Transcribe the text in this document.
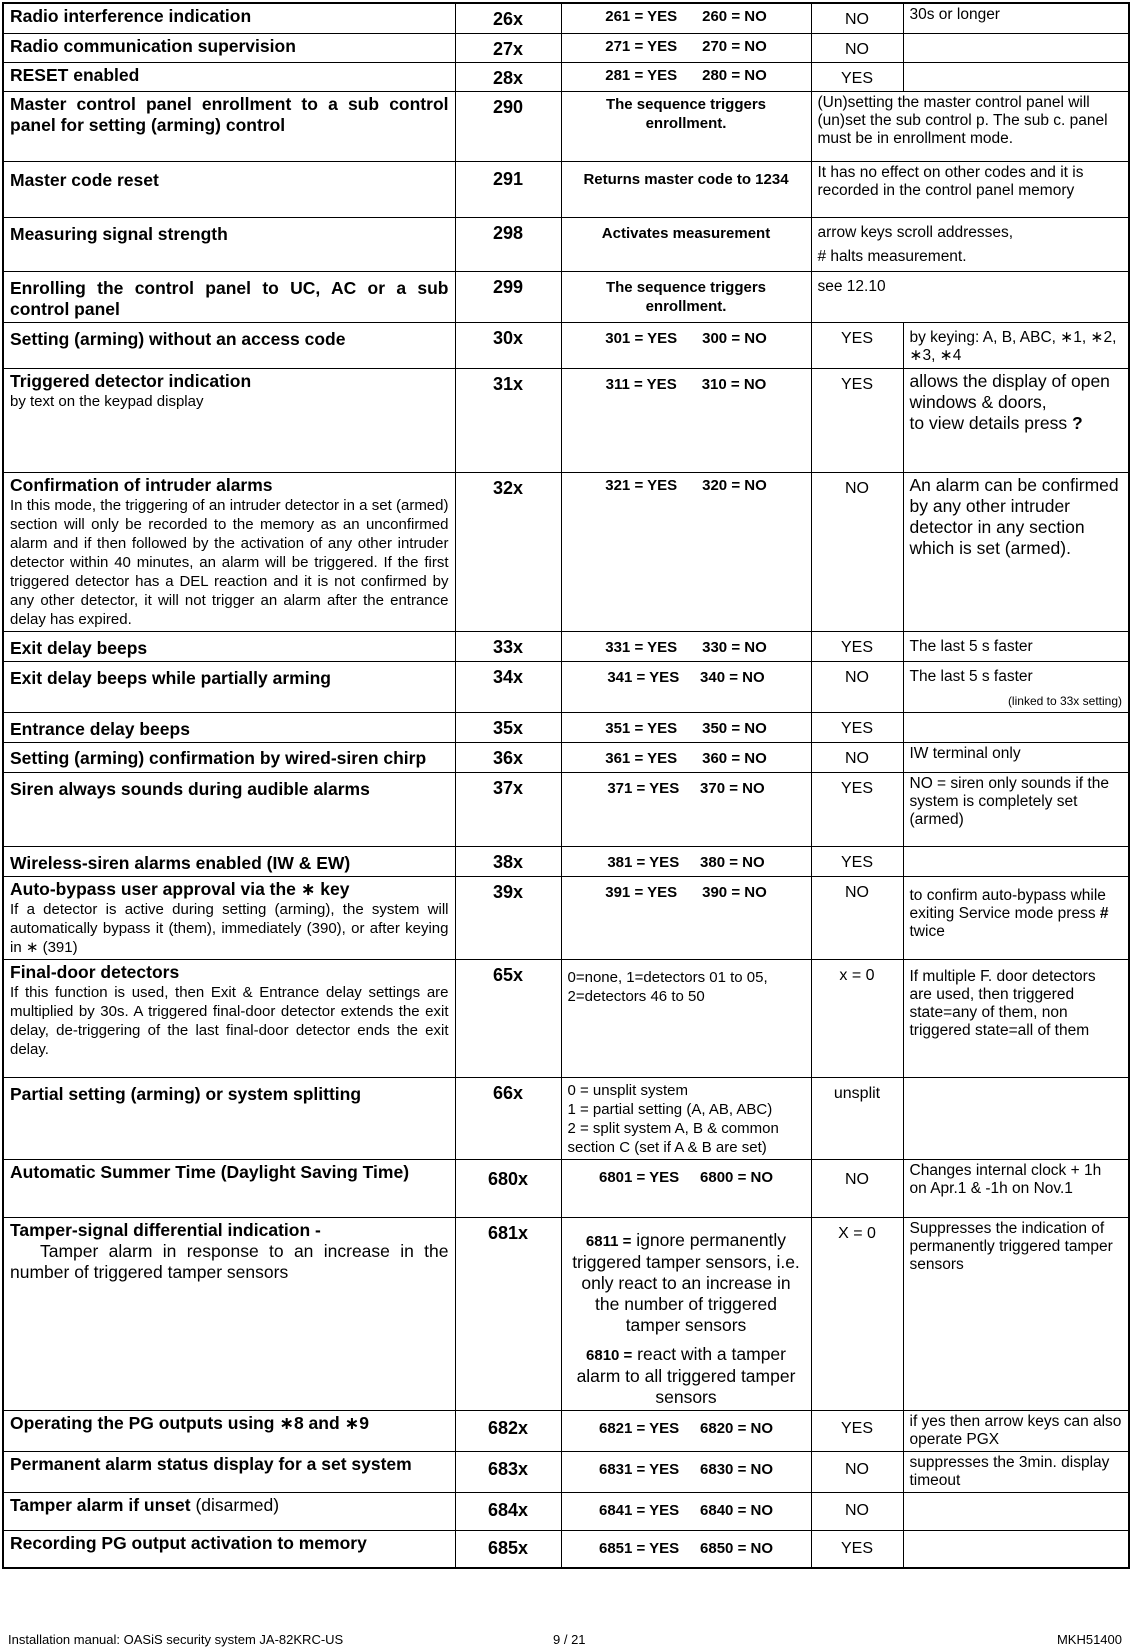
Radio interference indication	26x	261 = YES      260 = NO	NO	30s or longer
Radio communication supervision	27x	271 = YES      270 = NO	NO	
RESET enabled	28x	281 = YES      280 = NO	YES	

Master control panel enrollment to a sub control panel for setting (arming) control	290	The sequence triggers enrollment.	(Un)setting the master control panel will (un)set the sub control p. The sub c. panel must be in enrollment mode.	
Master code reset	291	Returns master code to 1234	It has no effect on other codes and it is recorded in the control panel memory	
Measuring signal strength	298	Activates measurement	arrow keys scroll addresses,
# halts measurement.	

Enrolling the control panel to UC, AC or a sub control panel	299	The sequence triggers enrollment.	see 12.10	
Setting (arming) without an access code	30x	301 = YES      300 = NO	YES	by keying: A, B, ABC, ∗1, ∗2, ∗3, ∗4
Triggered detector indication
by text on the keypad display	31x	311 = YES      310 = NO	YES	allows the display of open windows & doors,
to view details press ?
Confirmation of intruder alarms
In this mode, the triggering of an intruder detector in a set (armed) section will only be recorded to the memory as an unconfirmed alarm and if then followed by the activation of any other intruder detector within 40 minutes, an alarm will be triggered. If the first triggered detector has a DEL reaction and it is not confirmed by any other detector, it will not trigger an alarm after the entrance delay has expired.	32x	321 = YES      320 = NO	NO	An alarm can be confirmed by any other intruder detector in any section which is set (armed).
Exit delay beeps	33x	331 = YES      330 = NO	YES	The last 5 s faster
Exit delay beeps while partially arming	34x	341 = YES     340 = NO	NO	The last 5 s faster
(linked to 33x setting)

Entrance delay beeps	35x	351 = YES      350 = NO	YES	
Setting (arming) confirmation by wired-siren chirp	36x	361 = YES      360 = NO	NO	IW terminal only
Siren always sounds during audible alarms	37x	371 = YES     370 = NO	YES	NO = siren only sounds if the system is completely set (armed)
Wireless-siren alarms enabled (IW & EW)	38x	381 = YES     380 = NO	YES	
Auto-bypass user approval via the ∗ key
If a detector is active during setting (arming), the system will automatically bypass it (them), immediately (390), or after keying in ∗ (391)	39x	391 = YES      390 = NO	NO	to confirm auto-bypass while exiting Service mode press # twice
Final-door detectors
If this function is used, then Exit & Entrance delay settings are multiplied by 30s. A triggered final-door detector extends the exit delay, de-triggering of the last final-door detector ends the exit delay.	65x	0=none, 1=detectors 01 to 05, 2=detectors 46 to 50	x = 0	If multiple F. door detectors are used, then triggered state=any of them, non triggered state=all of them
Partial setting (arming) or system splitting	66x	0 = unsplit system
1 = partial setting (A, AB, ABC)
2 = split system A, B & common section C (set if A & B are set)	unsplit	
Automatic Summer Time (Daylight Saving Time)	680x	6801 = YES     6800 = NO	NO	Changes internal clock + 1h on Apr.1 & -1h on Nov.1
Tamper-signal differential indication -
Tamper alarm in response to an increase in the number of triggered tamper sensors	681x	6811 = ignore permanently triggered tamper sensors, i.e. only react to an increase in the number of triggered tamper sensors
6810 = react with a tamper alarm to all triggered tamper sensors	X = 0	Suppresses the indication of permanently triggered tamper sensors
Operating the PG outputs using ∗8 and ∗9	682x	6821 = YES     6820 = NO	YES	if yes then arrow keys can also operate PGX
Permanent alarm status display for a set system	683x	6831 = YES     6830 = NO	NO	suppresses the 3min. display timeout
Tamper alarm if unset (disarmed)	684x	6841 = YES     6840 = NO	NO	
Recording PG output activation to memory	685x	6851 = YES     6850 = NO	YES	
Installation manual: OASiS security system JA-82KRC-US	9 / 21	MKH51400
